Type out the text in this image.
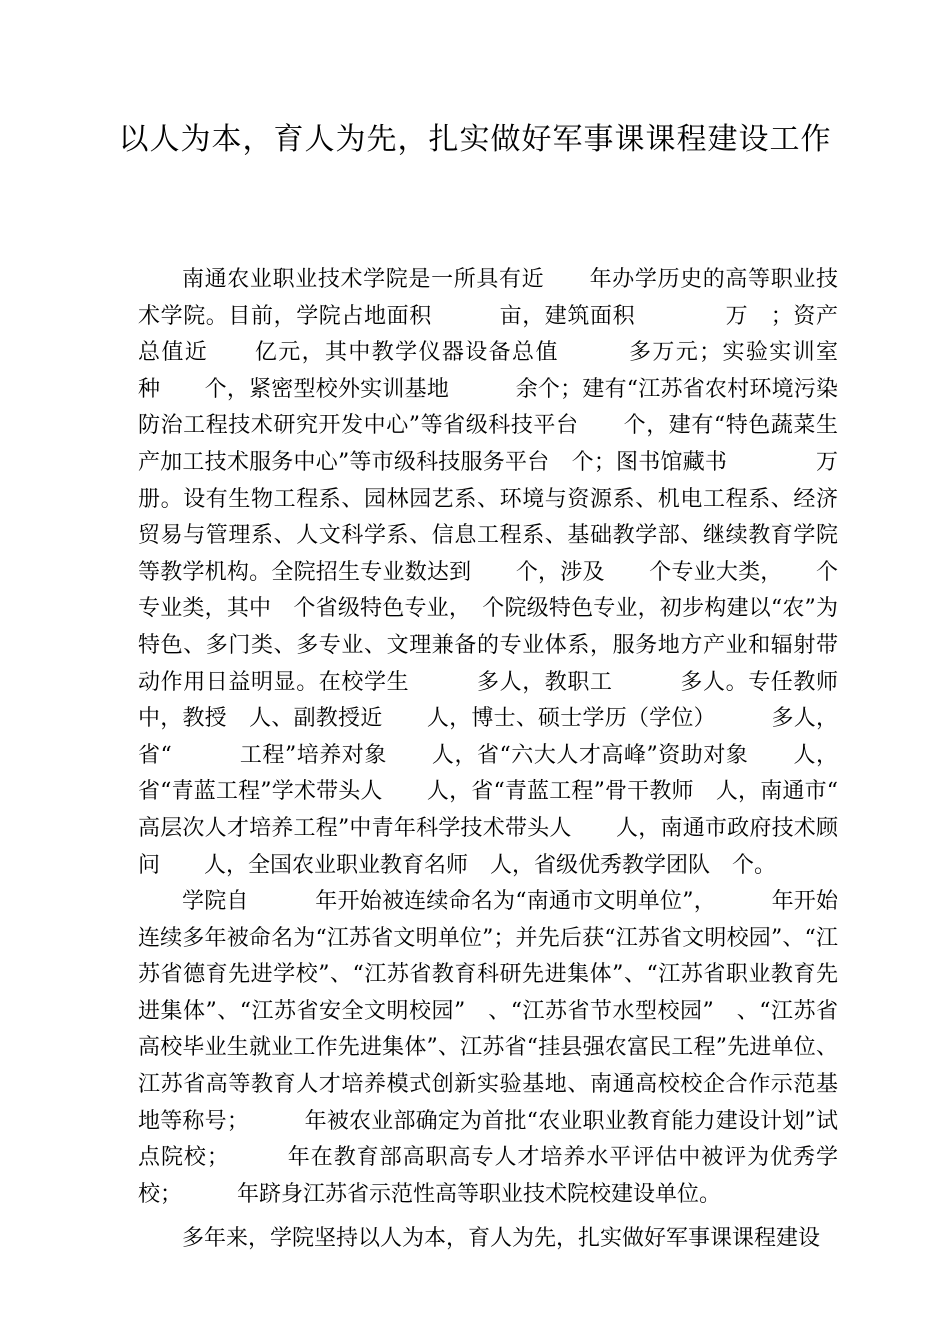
以人为本，育人为先，扎实做好军事课课程建设工作

南通农业职业技术学院是一所具有近　　年办学历史的高等职业技术学院。目前，学院占地面积　　　亩，建筑面积　　　　万　；资产总值近　　亿元，其中教学仪器设备总值　　　多万元；实验实训室　　种　　个，紧密型校外实训基地　　　余个；建有“江苏省农村环境污染防治工程技术研究开发中心”等省级科技平台　　个，建有“特色蔬菜生产加工技术服务中心”等市级科技服务平台　个；图书馆藏书　　　　万册。设有生物工程系、园林园艺系、环境与资源系、机电工程系、经济贸易与管理系、人文科学系、信息工程系、基础教学部、继续教育学院等教学机构。全院招生专业数达到　　个，涉及　　个专业大类，　　个专业类，其中　个省级特色专业，　个院级特色专业，初步构建以“农”为特色、多门类、多专业、文理兼备的专业体系，服务地方产业和辐射带动作用日益明显。在校学生　　　多人，教职工　　　多人。专任教师中，教授　人、副教授近　　人，博士、硕士学历（学位）　　　多人，省“　　　工程”培养对象　　人，省“六大人才高峰”资助对象　　人，省“青蓝工程”学术带头人　　人，省“青蓝工程”骨干教师　人，南通市“　　　高层次人才培养工程”中青年科学技术带头人　　人，南通市政府技术顾问　　人，全国农业职业教育名师　人，省级优秀教学团队　个。

学院自　　　年开始被连续命名为“南通市文明单位”，　　　年开始连续多年被命名为“江苏省文明单位”；并先后获“江苏省文明校园”、“江苏省德育先进学校”、“江苏省教育科研先进集体”、“江苏省职业教育先进集体”、“江苏省安全文明校园”　、“江苏省节水型校园”　、“江苏省高校毕业生就业工作先进集体”、江苏省“挂县强农富民工程”先进单位、江苏省高等教育人才培养模式创新实验基地、南通高校校企合作示范基地等称号；　　　年被农业部确定为首批“农业职业教育能力建设计划”试点院校；　　　年在教育部高职高专人才培养水平评估中被评为优秀学校；　　　年跻身江苏省示范性高等职业技术院校建设单位。

多年来，学院坚持以人为本，育人为先，扎实做好军事课课程建设
